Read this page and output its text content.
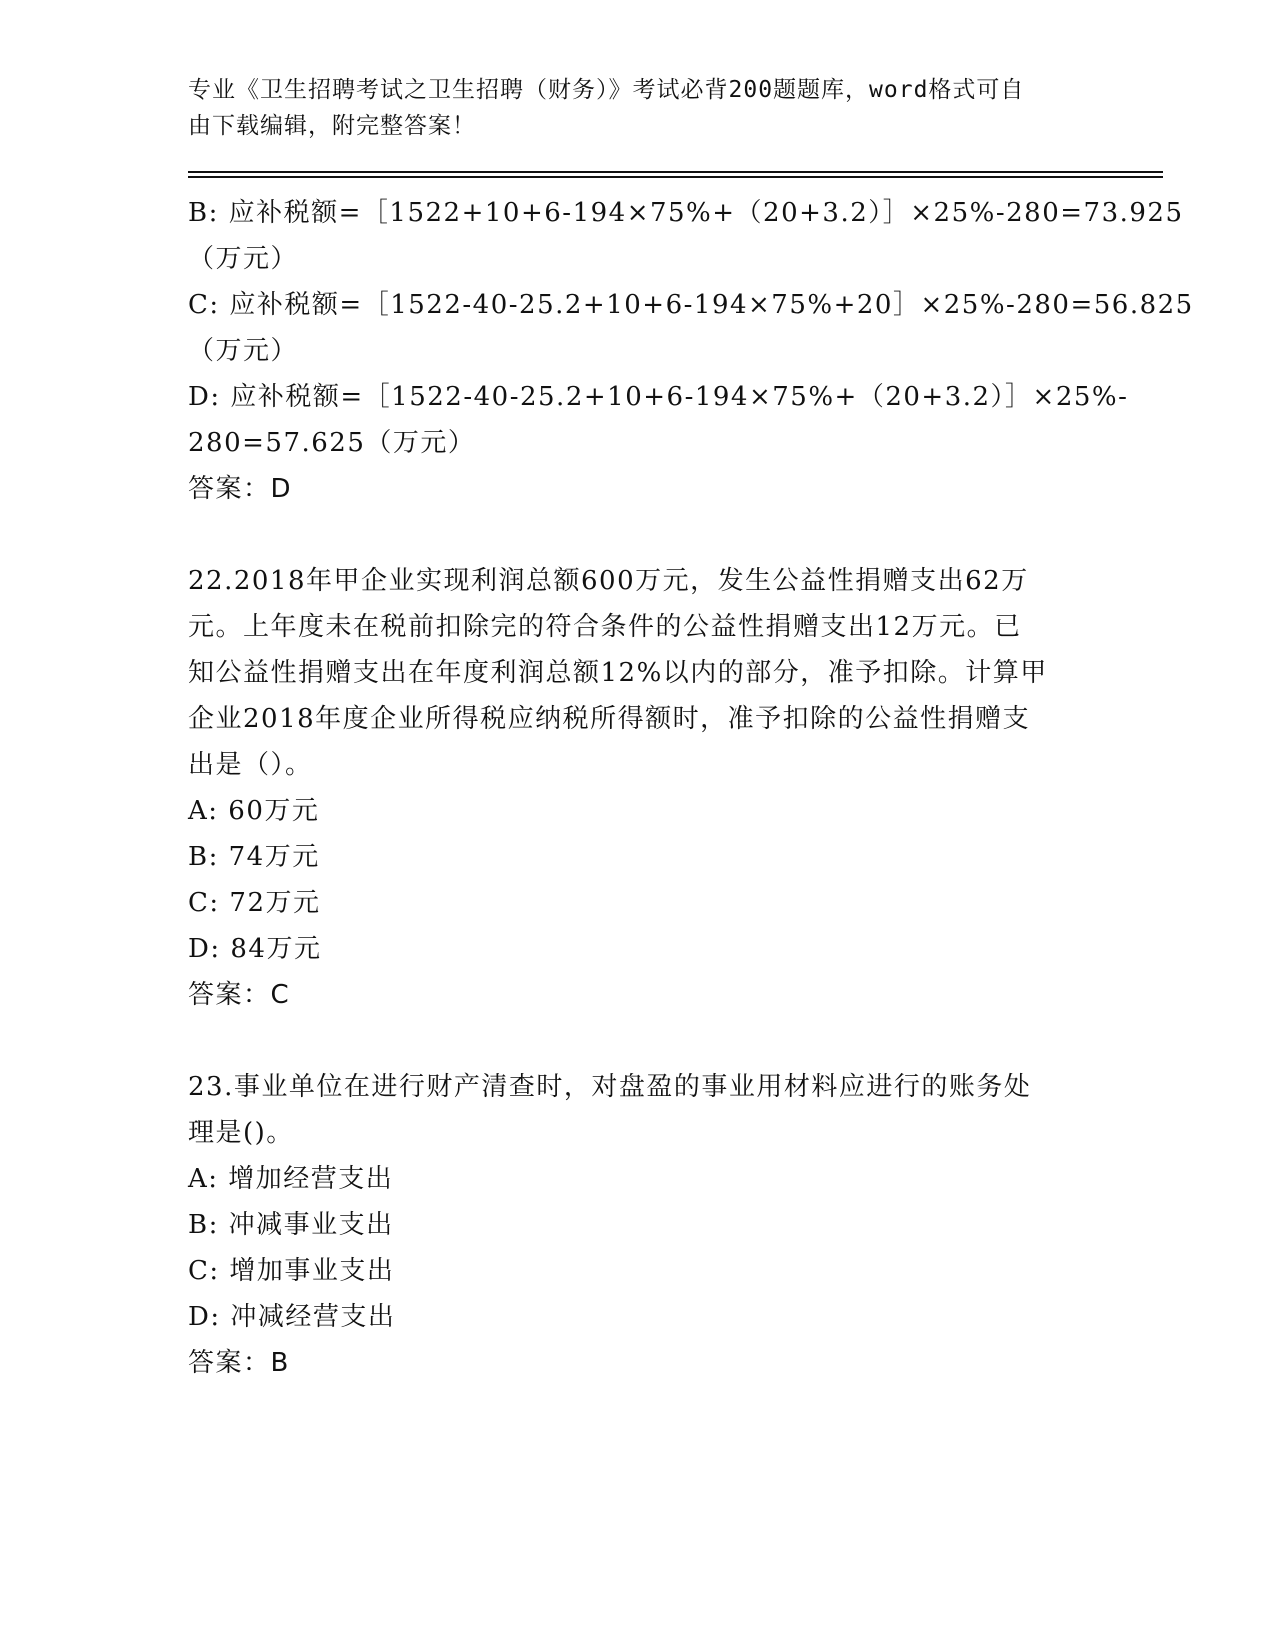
专业《卫生招聘考试之卫生招聘（财务）》考试必背200题题库，word格式可自
由下载编辑，附完整答案！
B: 应补税额=［1522+10+6-194×75%+（20+3.2）］×25%-280=73.925
（万元）
C: 应补税额=［1522-40-25.2+10+6-194×75%+20］×25%-280=56.825
（万元）
D: 应补税额=［1522-40-25.2+10+6-194×75%+（20+3.2）］×25%-
280=57.625（万元）
答案：D
22.2018年甲企业实现利润总额600万元，发生公益性捐赠支出62万
元。上年度未在税前扣除完的符合条件的公益性捐赠支出12万元。已
知公益性捐赠支出在年度利润总额12%以内的部分，准予扣除。计算甲
企业2018年度企业所得税应纳税所得额时，准予扣除的公益性捐赠支
出是（）。
A: 60万元
B: 74万元
C: 72万元
D: 84万元
答案：C
23.事业单位在进行财产清查时，对盘盈的事业用材料应进行的账务处
理是()。
A: 增加经营支出
B: 冲减事业支出
C: 增加事业支出
D: 冲减经营支出
答案：B
